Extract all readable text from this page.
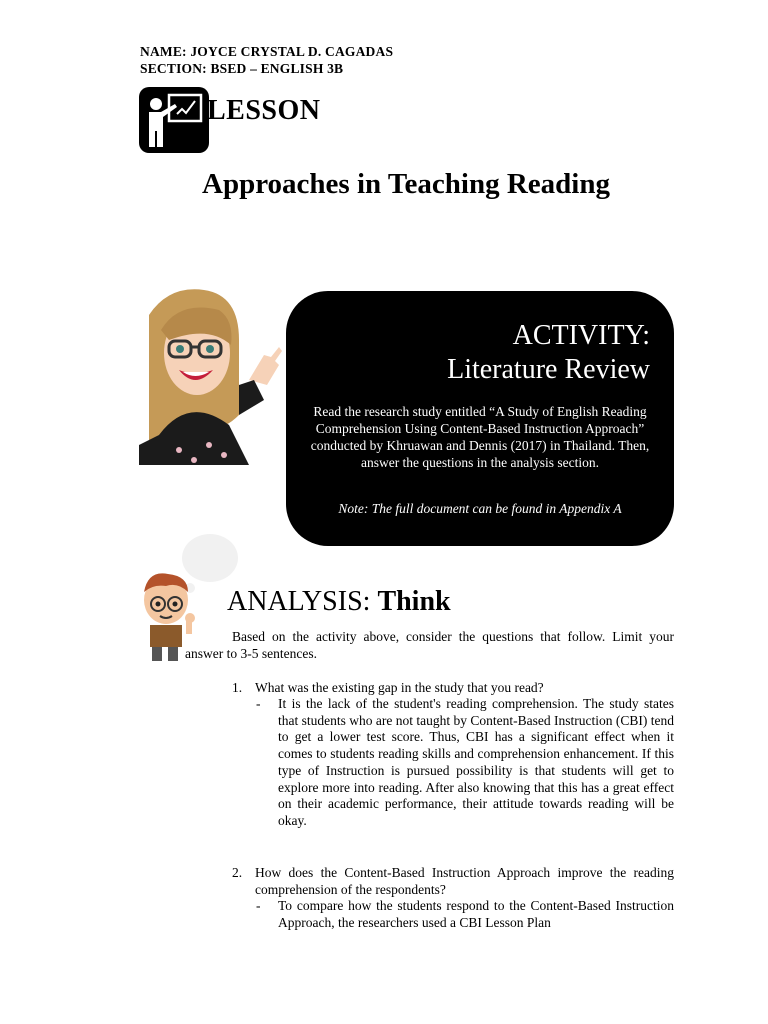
NAME: JOYCE CRYSTAL D. CAGADAS
SECTION: BSED – ENGLISH 3B
LESSON
Approaches in Teaching Reading
ACTIVITY:
Literature Review
Read the research study entitled “A Study of English Reading Comprehension Using Content-Based Instruction Approach” conducted by Khruawan and Dennis (2017) in Thailand. Then, answer the questions in the analysis section.
Note: The full document can be found in Appendix A
ANALYSIS: Think
Based on the activity above, consider the questions that follow. Limit your answer to 3-5 sentences.
1. What was the existing gap in the study that you read?
- It is the lack of the student's reading comprehension. The study states that students who are not taught by Content-Based Instruction (CBI) tend to get a lower test score. Thus, CBI has a significant effect when it comes to students reading skills and comprehension enhancement. If this type of Instruction is pursued possibility is that students will get to explore more into reading. After also knowing that this has a great effect on their academic performance, their attitude towards reading will be okay.
2. How does the Content-Based Instruction Approach improve the reading comprehension of the respondents?
- To compare how the students respond to the Content-Based Instruction Approach, the researchers used a CBI Lesson Plan
